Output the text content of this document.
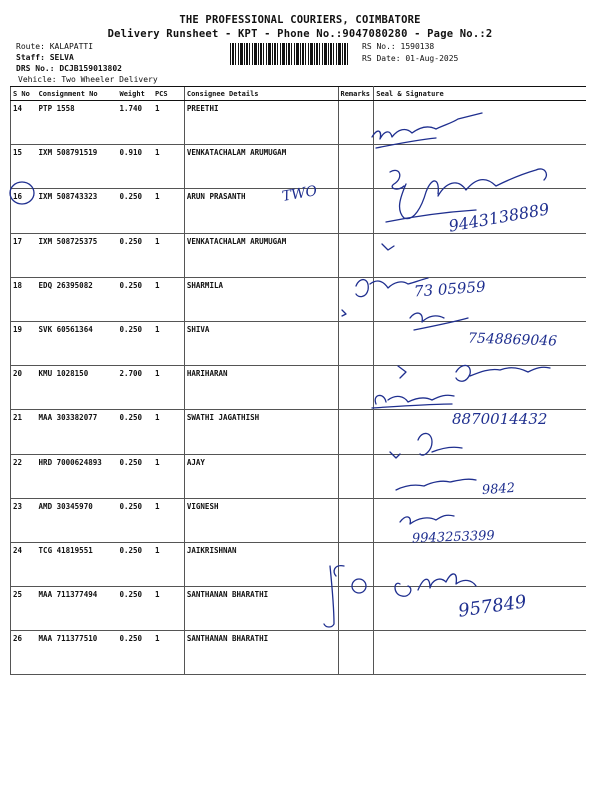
THE PROFESSIONAL COURIERS, COIMBATORE
Delivery Runsheet - KPT - Phone No.:9047080280 - Page No.:2
Route: KALAPATTI
Staff: SELVA
DRS No.: DCJB159013802
Vehicle: Two Wheeler Delivery
RS No.: 1590138
RS Date: 01-Aug-2025
S No	Consignment No	Weight	PCS	Consignee Details	Remarks	Seal & Signature
14	PTP 1558	1.740	1	PREETHI		
15	IXM 508791519	0.910	1	VENKATACHALAM ARUMUGAM		
16	IXM 508743323	0.250	1	ARUN PRASANTH		
17	IXM 508725375	0.250	1	VENKATACHALAM ARUMUGAM		
18	EDQ 26395082	0.250	1	SHARMILA		
19	SVK 60561364	0.250	1	SHIVA		
20	KMU 1028150	2.700	1	HARIHARAN		
21	MAA 303382077	0.250	1	SWATHI JAGATHISH		
22	HRD 7000624893	0.250	1	AJAY		
23	AMD 30345970	0.250	1	VIGNESH		
24	TCG 41819551	0.250	1	JAIKRISHNAN		
25	MAA 711377494	0.250	1	SANTHANAN BHARATHI		
26	MAA 711377510	0.250	1	SANTHANAN BHARATHI		
TWO
9443138889
73 05959
7548869046
8870014432
9842
9943253399
957849
